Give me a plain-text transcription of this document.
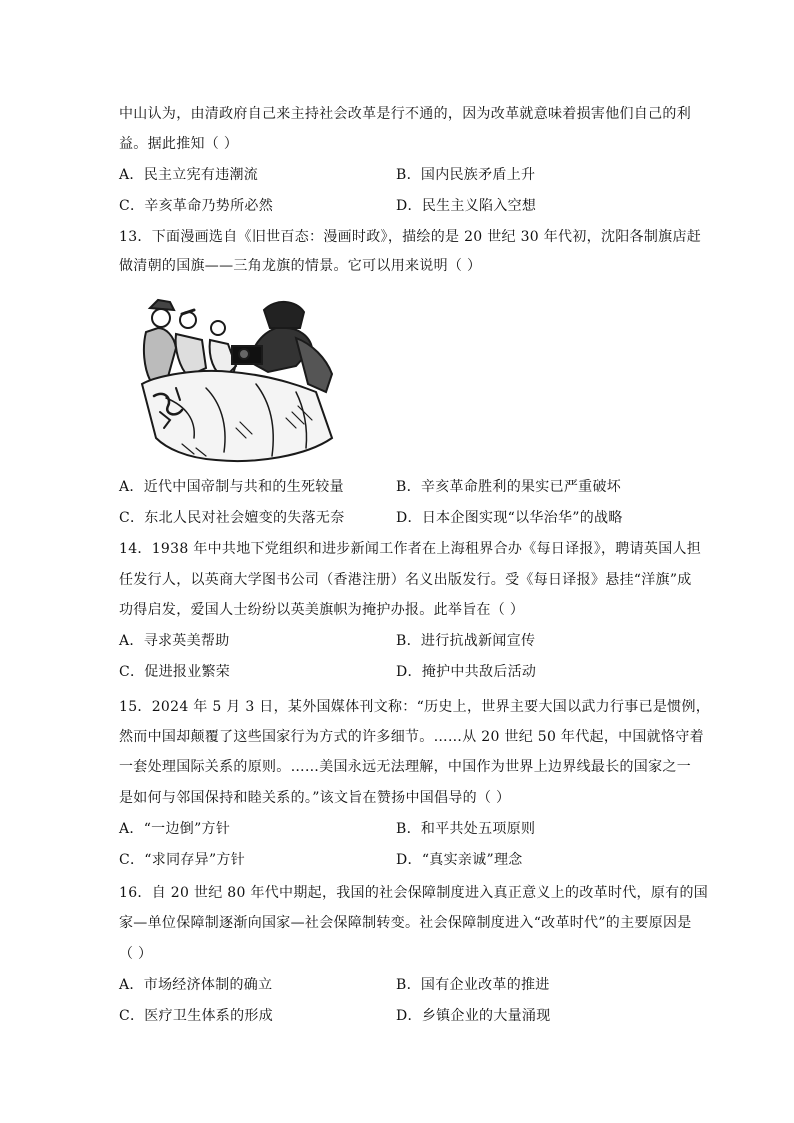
中山认为，由清政府自己来主持社会改革是行不通的，因为改革就意味着损害他们自己的利
益。据此推知（ ）
A．民主立宪有违潮流	B．国内民族矛盾上升
C．辛亥革命乃势所必然	D．民生主义陷入空想
13．下面漫画选自《旧世百态：漫画时政》，描绘的是 20 世纪 30 年代初，沈阳各制旗店赶
做清朝的国旗——三角龙旗的情景。它可以用来说明（ ）
A．近代中国帝制与共和的生死较量	B．辛亥革命胜利的果实已严重破坏
C．东北人民对社会嬗变的失落无奈	D．日本企图实现“以华治华”的战略
14．1938 年中共地下党组织和进步新闻工作者在上海租界合办《每日译报》，聘请英国人担
任发行人，以英商大学图书公司（香港注册）名义出版发行。受《每日译报》悬挂“洋旗”成
功得启发，爱国人士纷纷以英美旗帜为掩护办报。此举旨在（ ）
A．寻求英美帮助	B．进行抗战新闻宣传
C．促进报业繁荣	D．掩护中共敌后活动
15．2024 年 5 月 3 日，某外国媒体刊文称：“历史上，世界主要大国以武力行事已是惯例，
然而中国却颠覆了这些国家行为方式的许多细节。……从 20 世纪 50 年代起，中国就恪守着
一套处理国际关系的原则。……美国永远无法理解，中国作为世界上边界线最长的国家之一
是如何与邻国保持和睦关系的。”该文旨在赞扬中国倡导的（ ）
A．“一边倒”方针	B．和平共处五项原则
C．“求同存异”方针	D．“真实亲诚”理念
16．自 20 世纪 80 年代中期起，我国的社会保障制度进入真正意义上的改革时代，原有的国
家—单位保障制逐渐向国家—社会保障制转变。社会保障制度进入“改革时代”的主要原因是
（ ）
A．市场经济体制的确立	B．国有企业改革的推进
C．医疗卫生体系的形成	D．乡镇企业的大量涌现
